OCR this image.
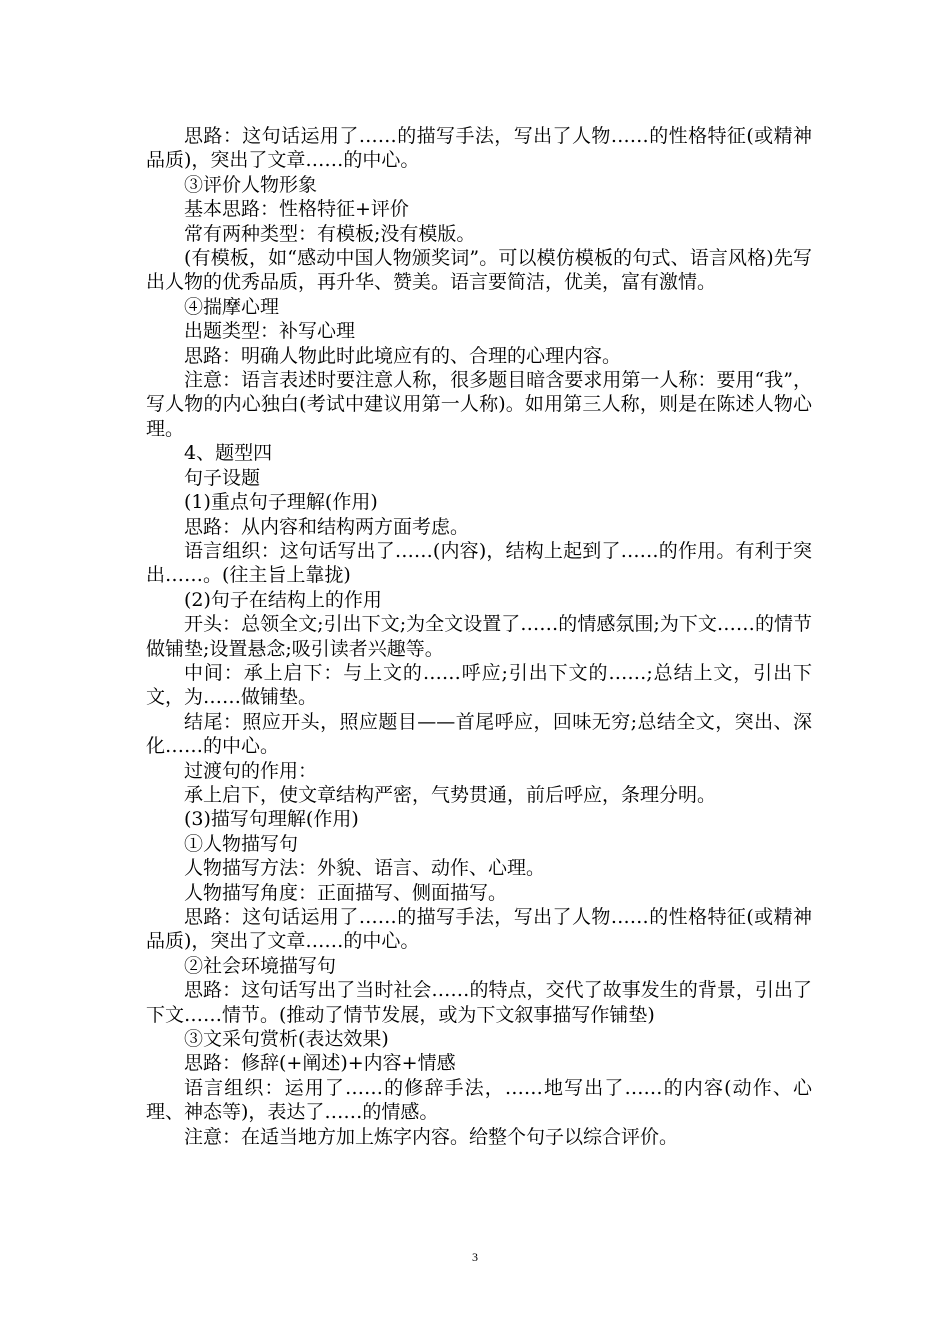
思路：这句话运用了……的描写手法，写出了人物……的性格特征(或精神品质)，突出了文章……的中心。

③评价人物形象

基本思路：性格特征+评价

常有两种类型：有模板;没有模版。

(有模板，如“感动中国人物颁奖词”。可以模仿模板的句式、语言风格)先写出人物的优秀品质，再升华、赞美。语言要简洁，优美，富有激情。

④揣摩心理

出题类型：补写心理

思路：明确人物此时此境应有的、合理的心理内容。

注意：语言表述时要注意人称，很多题目暗含要求用第一人称：要用“我”，写人物的内心独白(考试中建议用第一人称)。如用第三人称，则是在陈述人物心理。

4、题型四

句子设题

(1)重点句子理解(作用)

思路：从内容和结构两方面考虑。

语言组织：这句话写出了……(内容)，结构上起到了……的作用。有利于突出……。(往主旨上靠拢)

(2)句子在结构上的作用

开头：总领全文;引出下文;为全文设置了……的情感氛围;为下文……的情节做铺垫;设置悬念;吸引读者兴趣等。

中间：承上启下：与上文的……呼应;引出下文的……;总结上文，引出下文，为……做铺垫。

结尾：照应开头，照应题目——首尾呼应，回味无穷;总结全文，突出、深化……的中心。

过渡句的作用：

承上启下，使文章结构严密，气势贯通，前后呼应，条理分明。

(3)描写句理解(作用)

①人物描写句

人物描写方法：外貌、语言、动作、心理。

人物描写角度：正面描写、侧面描写。

思路：这句话运用了……的描写手法，写出了人物……的性格特征(或精神品质)，突出了文章……的中心。

②社会环境描写句

思路：这句话写出了当时社会……的特点，交代了故事发生的背景，引出了下文……情节。(推动了情节发展，或为下文叙事描写作铺垫)

③文采句赏析(表达效果)

思路：修辞(+阐述)+内容+情感

语言组织：运用了……的修辞手法，……地写出了……的内容(动作、心理、神态等)，表达了……的情感。

注意：在适当地方加上炼字内容。给整个句子以综合评价。

3
